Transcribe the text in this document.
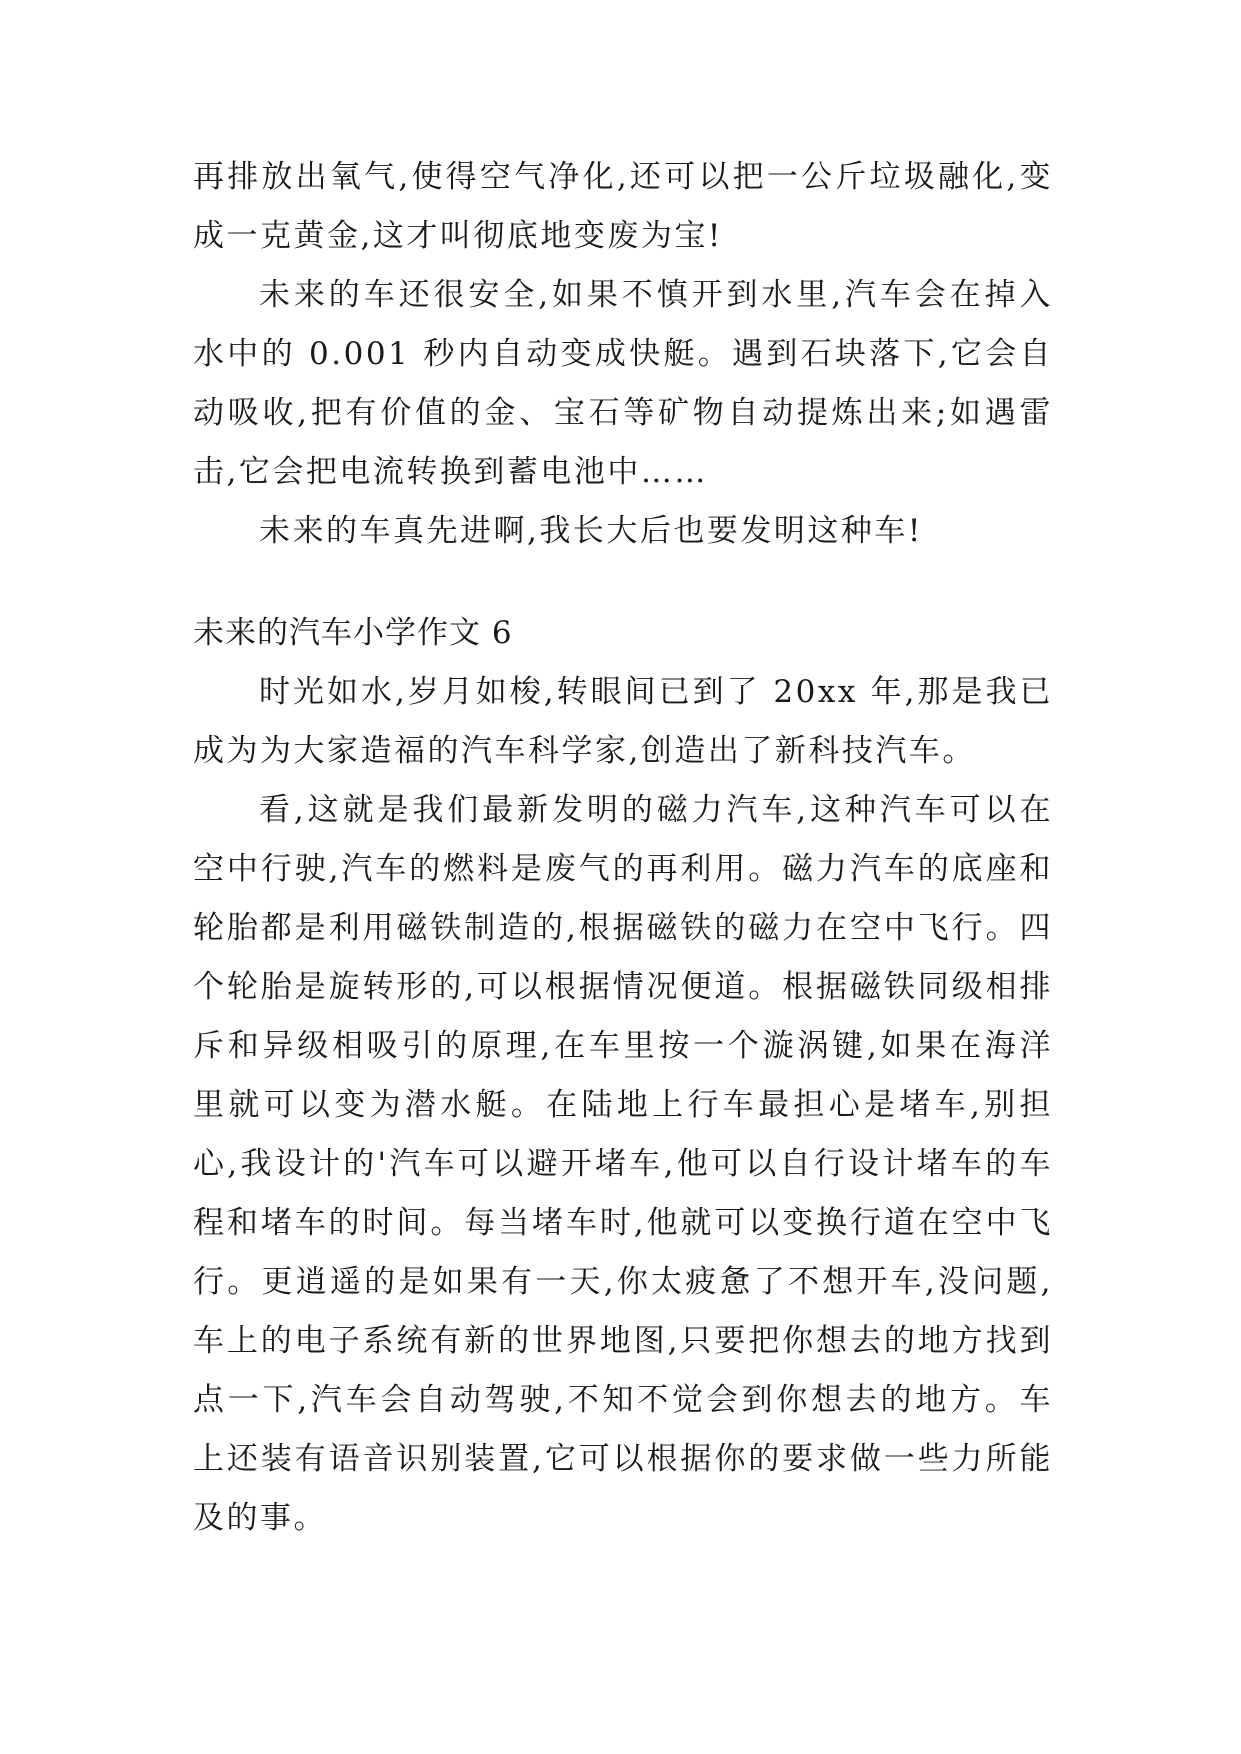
再排放出氧气,使得空气净化,还可以把一公斤垃圾融化,变成一克黄金,这才叫彻底地变废为宝!

未来的车还很安全,如果不慎开到水里,汽车会在掉入水中的 0.001 秒内自动变成快艇。遇到石块落下,它会自动吸收,把有价值的金、宝石等矿物自动提炼出来;如遇雷击,它会把电流转换到蓄电池中……

未来的车真先进啊,我长大后也要发明这种车!

未来的汽车小学作文 6

时光如水,岁月如梭,转眼间已到了 20xx 年,那是我已成为为大家造福的汽车科学家,创造出了新科技汽车。

看,这就是我们最新发明的磁力汽车,这种汽车可以在空中行驶,汽车的燃料是废气的再利用。磁力汽车的底座和轮胎都是利用磁铁制造的,根据磁铁的磁力在空中飞行。四个轮胎是旋转形的,可以根据情况便道。根据磁铁同级相排斥和异级相吸引的原理,在车里按一个漩涡键,如果在海洋里就可以变为潜水艇。在陆地上行车最担心是堵车,别担心,我设计的'汽车可以避开堵车,他可以自行设计堵车的车程和堵车的时间。每当堵车时,他就可以变换行道在空中飞行。更逍遥的是如果有一天,你太疲惫了不想开车,没问题,车上的电子系统有新的世界地图,只要把你想去的地方找到点一下,汽车会自动驾驶,不知不觉会到你想去的地方。车上还装有语音识别装置,它可以根据你的要求做一些力所能及的事。
